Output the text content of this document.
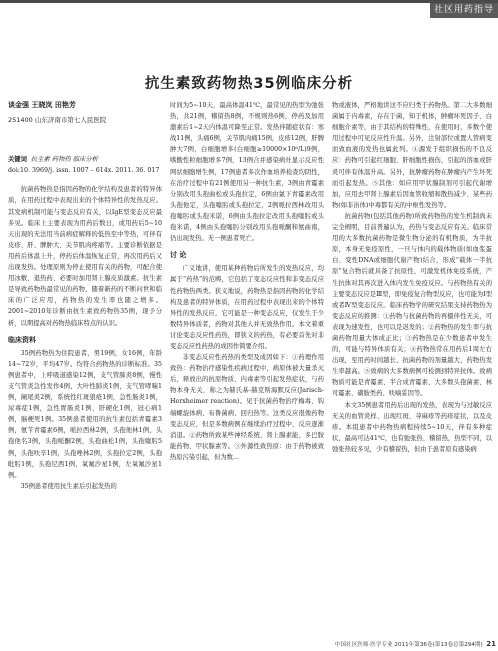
社区用药指导
抗生素致药物热35例临床分析

谈金强 王晓岚 田艳芳

251400 山东济南市第七人民医院

关键词 抗生素 药物热 临床分析

doi:10. 3969/j. issn. 1007 – 614x. 2011. 36. 017

抗菌药物热是指因药物的化学结构及患者的特异体质，在用药过程中表现出来的个体特异性的发热反应。其发病机制可能与变态反应有关，以IgE型变态反应最多见。临床上主要表现为用药后数日，或用药后5~10天出现的无法用当前病症解释的低热至中等热，可伴有皮疹、肝、脾肿大、关节肌肉疼痛等。主要诊断依据是用药后体温上升，停药后体温恢复正常，再次用药后又出现发热。处理原则为停止使用有关的药物，可配合使用冰敷、退热药、必要时加用肾上腺皮质激素。抗生素是导致药物热最常见的药物，随着新药的不断问世和临床的广泛应用，药物热的发生率也随之增多。2001~2010年诊断由抗生素致药物热35例，现予分析，以期提高对药物热临床特点的认识。

临床资料

35例药物热为住院患者，男19例，女16例，年龄14~72岁，平均47岁。均符合药物热的诊断标准。35例患者中，上呼吸道感染12例，支气管肺炎8例，慢性支气管炎急性发作4例，大叶性肺炎1例，支气管哮喘1例，阑尾炎2例，系统性红斑狼疮1例，急性肠炎1例，尿毒症1例，急性胃肠炎1例，肝硬化1例，冠心病1例，脑梗死1例。35例患者使用的抗生素包括青霉素3例，氨苄青霉素6例，哌拉西林2例，头孢他林1例，头孢他名3例，头孢哌酮2例，头孢曲松1例，头孢噻肟5例，头孢呋辛1例，头孢唑林2例，头孢拉定2例，头孢吡肟1例，头孢尼西1例，氧氟沙星1例，左氧氟沙星1例。

35例患者使用抗生素后引起发热的

时间为5~10天，最高体温41℃，最常见的热型为弛张热，共21例，稽留热8例，不规则热6例，停药及加用激素后1~2天内体温可降至正常。发热伴随症状有：寒战11例，头痛6例，关节肌肉痛15例，皮疹12例，肝脾肿大7例，白细胞增多(白细胞≥10000×10⁶/L)9例，嗜酸性粒细胞增多7例，13例合并感染病灶显示反应性网状细胞增生例，17例患者多次作血培养检查均阴性，在治疗过程中有21例使用另一种抗生素，3例由青霉素分别改用头孢曲松或头孢拉定，6例由氯下青霉素改用头孢他定，头孢噻肟或头孢拉定，2例哌拉西林改用头孢噻肟或头孢米诺，6例由头孢拉定改用头孢噻肟或头孢米诺，4例由头孢噻肟分别改用头孢哌酮和氨曲南，仍出现发热。无一例患者死亡。

讨 论

广义地讲，使用某种药物后所发生的发热反应，均属于“药热”的范畴，它包括了变态反应性和非变态反应性药物热两类。狭义地说，药物热是指因药物的化学结构及患者的特异体质，在用药过程中表现出来的个体特异性的发热反应，它可能是一种变态反应，仅发生于少数特异体质者，药物对其他人并无致热作用。本文着重讨论变态反应性药热，即狭义的药热，有必要首先对非变态反应性药热的成因作简要介绍。

非变态反应性药热的类型及成因如下：①药理作用致热：药物治疗感染性疾病过程中，病原体被大量杀灭后，释放出的抗原物质、内毒素等引起发热症状，与药物本身无关，称之为赫氏基-赫克斯海默反应(Jarisch-Herxheimer reaction)。见于抗菌药物治疗梅毒、钩端螺旋体病、布鲁菌病、回归热等。这类反应很像药物变态反应，但是多数病例在继续治疗过程中，反应逐渐消退。②药物所致某些神经系统、肾上腺素能、多巴胺能药物、甲状腺素等。③外源性致热原：由于药物被致热原污染引起，但为数...

物或液体，严格地讲这不应归类于药物热。第二大多数细菌属于内毒素，存在于菌，知于机体，肿瘤坏死因子、白细胞介素等，由于其结构的特殊性，在使用时，多数个使用过程中可见反应性升温。另外，注射部位或置人管病变而致血液的发热也属此列。④源发于组织损伤的不良反应：药物可引起红细胞、肝细胞性损伤，引起的溶血或肝炎可伴有体温升高。另外，抗肿瘤药物在肿瘤内产生坏死而引起发热。⑤其他：如应用甲状腺制剂可引起代谢增加，应用去甲肾上腺素后因血管收缩和散热减少、某些药物(如非甾体)中毒都有关的中枢性发热等。

抗菌药物(包括其他药物)所致药物热的发生机制尚未完全阐明，目前普遍认为，药热与变态反应有关。临床常用的大多数抗菌药物是微生物分泌的有机物质，为半抗原，本身无免疫原性，一旦与体内的载体物质(如血浆蛋白、变性DNA或细胞代谢产物)结合，形成“载体一半抗原”复合物后就具备了抗原性，可激发机体免疫系统，产生抗体对其再次进入体内发生免疫反应。与药物热有关的主要变态反应是Ⅲ型，即免疫复合物型反应，也可能为Ⅰ型或者Ⅳ型变态反应。临床药物学的研究结果支持药物热为变态反应的推测：①药物与抗菌药物的再摄伴性无关，可表现为速发性，也可以是迟发的；②药物热的发生率与抗菌药物用量大体成正比；③药物热是在少数患者中发生的，可能与特异体质有关；④药物热常在用药后1周左右出现，至用药时间越长、抗菌药物的剂量越大，药物热发生率越高。⑤致病的大多数病例可检测到特异抗体。致病物质可能是青霉素、半合成青霉素、大多数头孢菌素、林可霉素、磺胺类药、呋喃妥因等。

本文35例患者用药后出现的发热，表现为与过敏反应无关的血管炎样、出现红斑、荨麻疹等药疹症状，以及皮疹。本组患者中药物热病程持续5~10天，伴有多种症状，最高可达41℃，也有弛张热、稽留热，热型不同，以弛张热较多见，少有稽留热，但由于患者原有感染病

中国社区医师·医学专业 2011年第36卷(第13卷总第294期) 21
